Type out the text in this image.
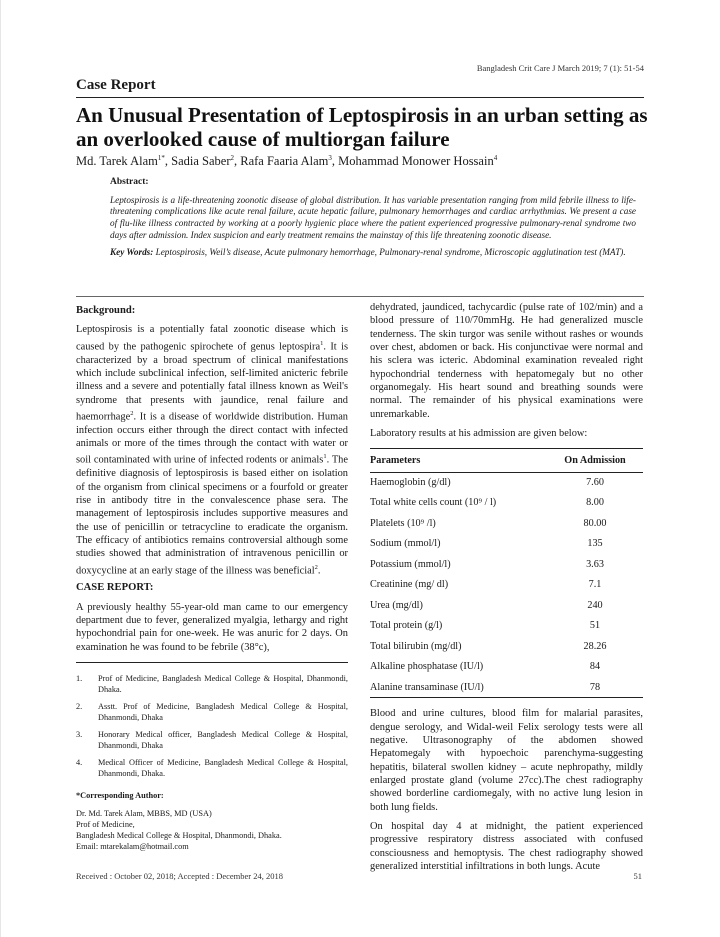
Bangladesh Crit Care J March 2019; 7 (1): 51-54
Case Report
An Unusual Presentation of Leptospirosis in an urban setting as an overlooked cause of multiorgan failure
Md. Tarek Alam$^{1*}$, Sadia Saber$^2$, Rafa Faaria Alam$^3$, Mohammad Monower Hossain$^4$
Abstract:

Leptospirosis is a life-threatening zoonotic disease of global distribution. It has variable presentation ranging from mild febrile illness to life-threatening complications like acute renal failure, acute hepatic failure, pulmonary hemorrhages and cardiac arrhythmias. We present a case of flu-like illness contracted by working at a poorly hygienic place where the patient experienced progressive pulmonary-renal syndrome two days after admission. Index suspicion and early treatment remains the mainstay of this life threatening zoonotic disease.

Key Words: Leptospirosis, Weil’s disease, Acute pulmonary hemorrhage, Pulmonary-renal syndrome, Microscopic agglutination test (MAT).

Background:

Leptospirosis is a potentially fatal zoonotic disease which is caused by the pathogenic spirochete of genus leptospira$^1$. It is characterized by a broad spectrum of clinical manifestations which include subclinical infection, self-limited anicteric febrile illness and a severe and potentially fatal illness known as Weil's syndrome that presents with jaundice, renal failure and haemorrhage$^2$. It is a disease of worldwide distribution. Human infection occurs either through the direct contact with infected animals or more of the times through the contact with water or soil contaminated with urine of infected rodents or animals$^1$. The definitive diagnosis of leptospirosis is based either on isolation of the organism from clinical specimens or a fourfold or greater rise in antibody titre in the convalescence phase sera. The management of leptospirosis includes supportive measures and the use of penicillin or tetracycline to eradicate the organism. The efficacy of antibiotics remains controversial although some studies showed that administration of intravenous penicillin or doxycycline at an early stage of the illness was beneficial$^2$.

CASE REPORT:

A previously healthy 55-year-old man came to our emergency department due to fever, generalized myalgia, lethargy and right hypochondrial pain for one-week. He was anuric for 2 days. On examination he was found to be febrile (38°c),

1.	Prof of Medicine, Bangladesh Medical College & Hospital, Dhanmondi, Dhaka.
2.	Asstt. Prof of Medicine, Bangladesh Medical College & Hospital, Dhanmondi, Dhaka
3.	Honorary Medical officer, Bangladesh Medical College & Hospital, Dhanmondi, Dhaka
4.	Medical Officer of Medicine, Bangladesh Medical College & Hospital, Dhanmondi, Dhaka.
*Corresponding Author:
Dr. Md. Tarek Alam, MBBS, MD (USA)
Prof of Medicine,
Bangladesh Medical College & Hospital, Dhanmondi, Dhaka.
Email: mtarekalam@hotmail.com

dehydrated, jaundiced, tachycardic (pulse rate of 102/min) and a blood pressure of 110/70mmHg. He had generalized muscle tenderness. The skin turgor was senile without rashes or wounds over chest, abdomen or back. His conjunctivae were normal and his sclera was icteric. Abdominal examination revealed right hypochondrial tenderness with hepatomegaly but no other organomegaly. His heart sound and breathing sounds were normal. The remainder of his physical examinations were unremarkable.

Laboratory results at his admission are given below:

Parameters	On Admission
Haemoglobin (g/dl)	7.60
Total white cells count (10⁹ / l)	8.00
Platelets (10⁹ /l)	80.00
Sodium (mmol/l)	135
Potassium (mmol/l)	3.63
Creatinine (mg/ dl)	7.1
Urea (mg/dl)	240
Total protein (g/l)	51
Total bilirubin (mg/dl)	28.26
Alkaline phosphatase (IU/l)	84
Alanine transaminase (IU/l)	78

Blood and urine cultures, blood film for malarial parasites, dengue serology, and Widal-weil Felix serology tests were all negative. Ultrasonography of the abdomen showed Hepatomegaly with hypoechoic parenchyma-suggesting hepatitis, bilateral swollen kidney – acute nephropathy, mildly enlarged prostate gland (volume 27cc).The chest radiography showed borderline cardiomegaly, with no active lung lesion in both lung fields.

On hospital day 4 at midnight, the patient experienced progressive respiratory distress associated with confused consciousness and hemoptysis. The chest radiography showed generalized interstitial infiltrations in both lungs. Acute

Received : October 02, 2018; Accepted : December 24, 2018	51
